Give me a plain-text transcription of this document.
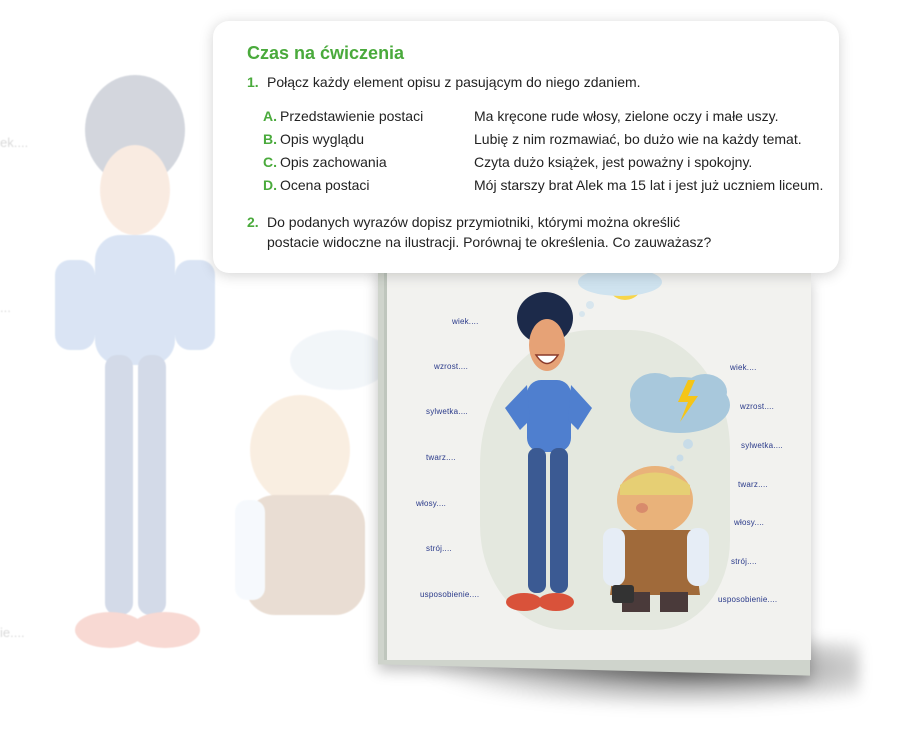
ek....
...
ie....
wiek....
wzrost....
sylwetka....
twarz....
włosy....
strój....
usposobienie....
wiek....
wzrost....
sylwetka....
twarz....
włosy....
strój....
usposobienie....
Czas na ćwiczenia
1. Połącz każdy element opisu z pasującym do niego zdaniem.
A. Przedstawienie postaci	Ma kręcone rude włosy, zielone oczy i małe uszy.
B. Opis wyglądu	Lubię z nim rozmawiać, bo dużo wie na każdy temat.
C. Opis zachowania	Czyta dużo książek, jest poważny i spokojny.
D. Ocena postaci	Mój starszy brat Alek ma 15 lat i jest już uczniem liceum.
2. Do podanych wyrazów dopisz przymiotniki, którymi można określić
postacie widoczne na ilustracji. Porównaj te określenia. Co zauważasz?
